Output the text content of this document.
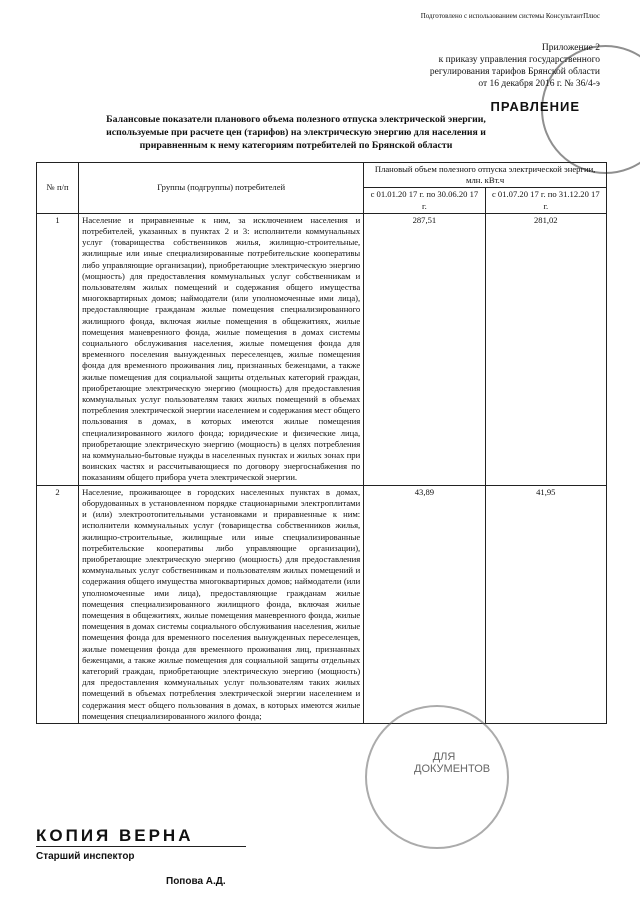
Подготовлено с использованием системы КонсультантПлюс
Приложение 2
к приказу управления государственного
регулирования тарифов Брянской области
от 16 декабря 2016 г. № 36/4-э
ПРАВЛЕНИЕ
Балансовые показатели планового объема полезного отпуска электрической энергии, используемые при расчете цен (тарифов) на электрическую энергию для населения и приравненным к нему категориям потребителей по Брянской области
№ п/п	Группы (подгруппы) потребителей	Плановый объем полезного отпуска электрической энергии, млн. кВт.ч	
		с 01.01.20 17 г. по 30.06.20 17 г.	с 01.07.20 17 г. по 31.12.20 17 г.
1	Население и приравненные к ним, за исключением населения и потребителей, указанных в пунктах 2 и 3: исполнители коммунальных услуг (товарищества собственников жилья, жилищно-строительные, жилищные или иные специализированные потребительские кооперативы либо управляющие организации), приобретающие электрическую энергию (мощность) для предоставления коммунальных услуг собственникам и пользователям жилых помещений и содержания общего имущества многоквартирных домов; наймодатели (или уполномоченные ими лица), предоставляющие гражданам жилые помещения специализированного жилищного фонда, включая жилые помещения в общежитиях, жилые помещения маневренного фонда, жилые помещения в домах системы социального обслуживания населения, жилые помещения фонда для временного поселения вынужденных переселенцев, жилые помещения фонда для временного проживания лиц, признанных беженцами, а также жилые помещения для социальной защиты отдельных категорий граждан, приобретающие электрическую энергию (мощность) для предоставления коммунальных услуг пользователям таких жилых помещений в объемах потребления электрической энергии населением и содержания мест общего пользования в домах, в которых имеются жилые помещения специализированного жилого фонда; юридические и физические лица, приобретающие электрическую энергию (мощность) в целях потребления на коммунально-бытовые нужды в населенных пунктах и жилых зонах при воинских частях и рассчитывающиеся по договору энергоснабжения по показаниям общего прибора учета электрической энергии.	287,51	281,02
2	Население, проживающее в городских населенных пунктах в домах, оборудованных в установленном порядке стационарными электроплитами и (или) электроотопительными установками и приравненные к ним: исполнители коммунальных услуг (товарищества собственников жилья, жилищно-строительные, жилищные или иные специализированные потребительские кооперативы либо управляющие организации), приобретающие электрическую энергию (мощность) для предоставления коммунальных услуг собственникам и пользователям жилых помещений и содержания общего имущества многоквартирных домов; наймодатели (или уполномоченные ими лица), предоставляющие гражданам жилые помещения специализированного жилищного фонда, включая жилые помещения в общежитиях, жилые помещения маневренного фонда, жилые помещения в домах системы социального обслуживания населения, жилые помещения фонда для временного поселения вынужденных переселенцев, жилые помещения фонда для временного проживания лиц, признанных беженцами, а также жилые помещения для социальной защиты отдельных категорий граждан, приобретающие электрическую энергию (мощность) для предоставления коммунальных услуг пользователям таких жилых помещений в объемах потребления электрической энергии населением и содержания мест общего пользования в домах, в которых имеются жилые помещения специализированного жилого фонда;	43,89	41,95
ДЛЯ
ДОКУМЕНТОВ
КОПИЯ ВЕРНА
Старший инспектор
Попова А.Д.
